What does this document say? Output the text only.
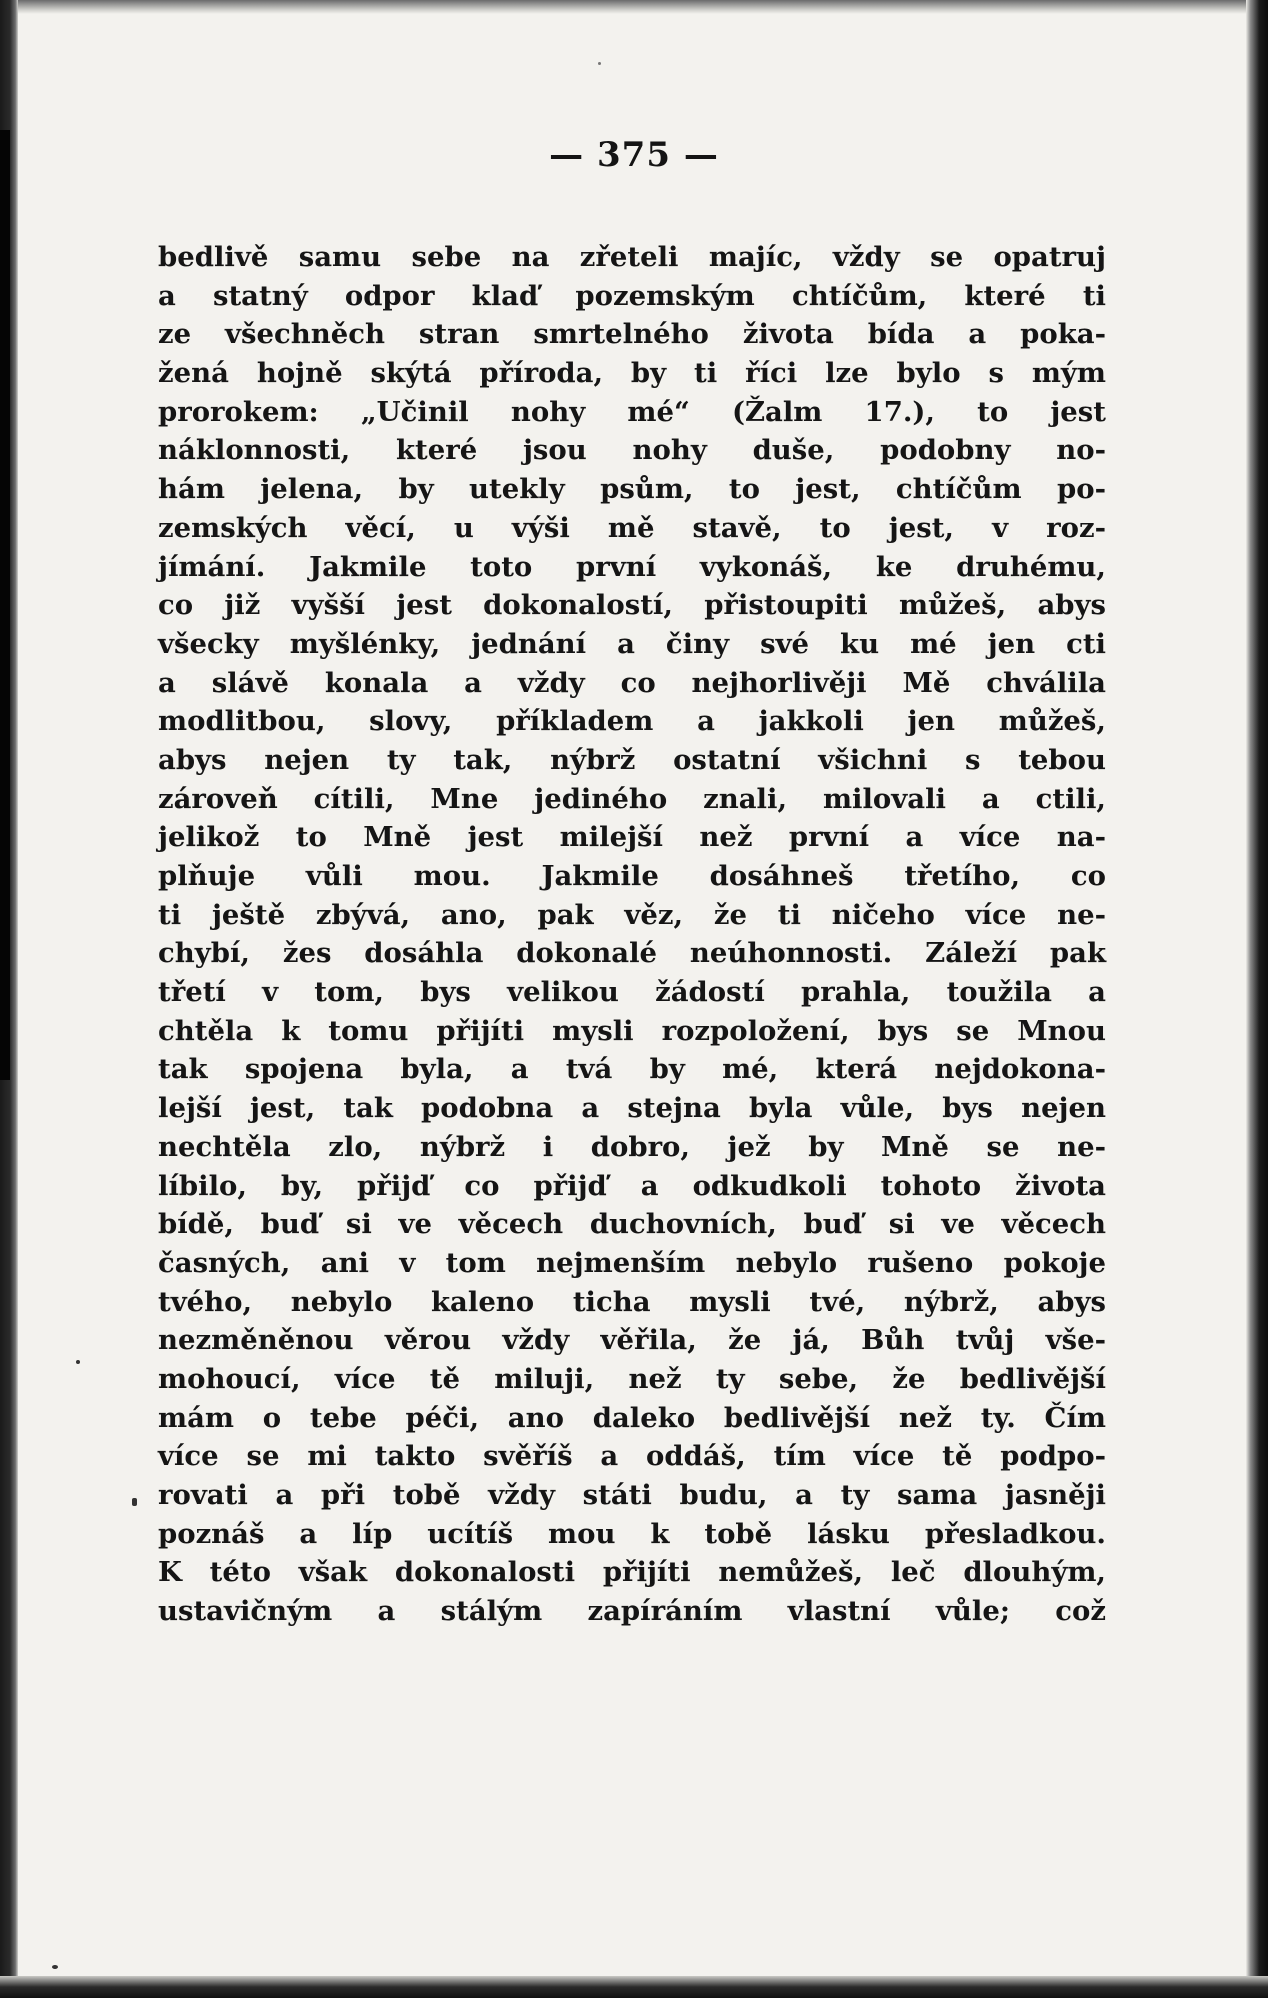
— 375 —
bedlivě samu sebe na zřeteli majíc, vždy se opatruj
a statný odpor klaď pozemským chtíčům, které ti
ze všechněch stran smrtelného života bída a poka-
žená hojně skýtá příroda, by ti říci lze bylo s mým
prorokem: „Učinil nohy mé“ (Žalm 17.), to jest
náklonnosti, které jsou nohy duše, podobny no-
hám jelena, by utekly psům, to jest, chtíčům po-
zemských věcí, u výši mě stavě, to jest, v roz-
jímání. Jakmile toto první vykonáš, ke druhému,
co již vyšší jest dokonalostí, přistoupiti můžeš, abys
všecky myšlénky, jednání a činy své ku mé jen cti
a slávě konala a vždy co nejhorlivěji Mě chválila
modlitbou, slovy, příkladem a jakkoli jen můžeš,
abys nejen ty tak, nýbrž ostatní všichni s tebou
zároveň cítili, Mne jediného znali, milovali a ctili,
jelikož to Mně jest milejší než první a více na-
plňuje vůli mou. Jakmile dosáhneš třetího, co
ti ještě zbývá, ano, pak věz, že ti ničeho více ne-
chybí, žes dosáhla dokonalé neúhonnosti. Záleží pak
třetí v tom, bys velikou žádostí prahla, toužila a
chtěla k tomu přijíti mysli rozpoložení, bys se Mnou
tak spojena byla, a tvá by mé, která nejdokona-
lejší jest, tak podobna a stejna byla vůle, bys nejen
nechtěla zlo, nýbrž i dobro, jež by Mně se ne-
líbilo, by, přijď co přijď a odkudkoli tohoto života
bídě, buď si ve věcech duchovních, buď si ve věcech
časných, ani v tom nejmenším nebylo rušeno pokoje
tvého, nebylo kaleno ticha mysli tvé, nýbrž, abys
nezměněnou věrou vždy věřila, že já, Bůh tvůj vše-
mohoucí, více tě miluji, než ty sebe, že bedlivější
mám o tebe péči, ano daleko bedlivější než ty. Čím
více se mi takto svěříš a oddáš, tím více tě podpo-
rovati a při tobě vždy státi budu, a ty sama jasněji
poznáš a líp ucítíš mou k tobě lásku přesladkou.
K této však dokonalosti přijíti nemůžeš, leč dlouhým,
ustavičným a stálým zapíráním vlastní vůle; což
